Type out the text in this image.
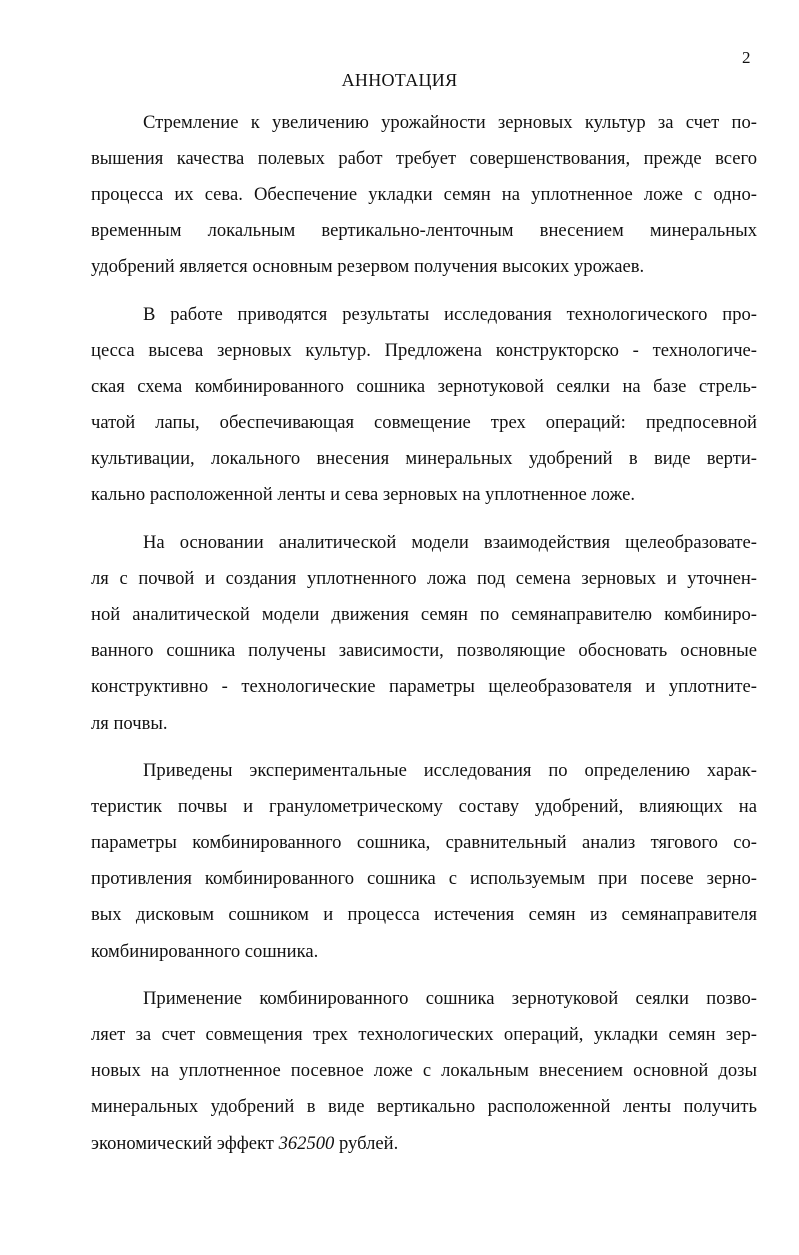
2
АННОТАЦИЯ

Стремление к увеличению урожайности зерновых культур за счет по-
вышения качества полевых работ требует совершенствования, прежде всего
процесса их сева. Обеспечение укладки семян на уплотненное ложе с одно-
временным локальным вертикально-ленточным внесением минеральных
удобрений является основным резервом получения высоких урожаев.

В работе приводятся результаты исследования технологического про-
цесса высева зерновых культур. Предложена конструкторско - технологиче-
ская схема комбинированного сошника зернотуковой сеялки на базе стрель-
чатой лапы, обеспечивающая совмещение трех операций: предпосевной
культивации, локального внесения минеральных удобрений в виде верти-
кально расположенной ленты и сева зерновых на уплотненное ложе.

На основании аналитической модели взаимодействия щелеобразовате-
ля с почвой и создания уплотненного ложа под семена зерновых и уточнен-
ной аналитической модели движения семян по семянаправителю комбиниро-
ванного сошника получены зависимости, позволяющие обосновать основные
конструктивно - технологические параметры щелеобразователя и уплотните-
ля почвы.

Приведены экспериментальные исследования по определению харак-
теристик почвы и гранулометрическому составу удобрений, влияющих на
параметры комбинированного сошника, сравнительный анализ тягового со-
противления комбинированного сошника с используемым при посеве зерно-
вых дисковым сошником и процесса истечения семян из семянаправителя
комбинированного сошника.

Применение комбинированного сошника зернотуковой сеялки позво-
ляет за счет совмещения трех технологических операций, укладки семян зер-
новых на уплотненное посевное ложе с локальным внесением основной дозы
минеральных удобрений в виде вертикально расположенной ленты получить
экономический эффект 362500 рублей.
